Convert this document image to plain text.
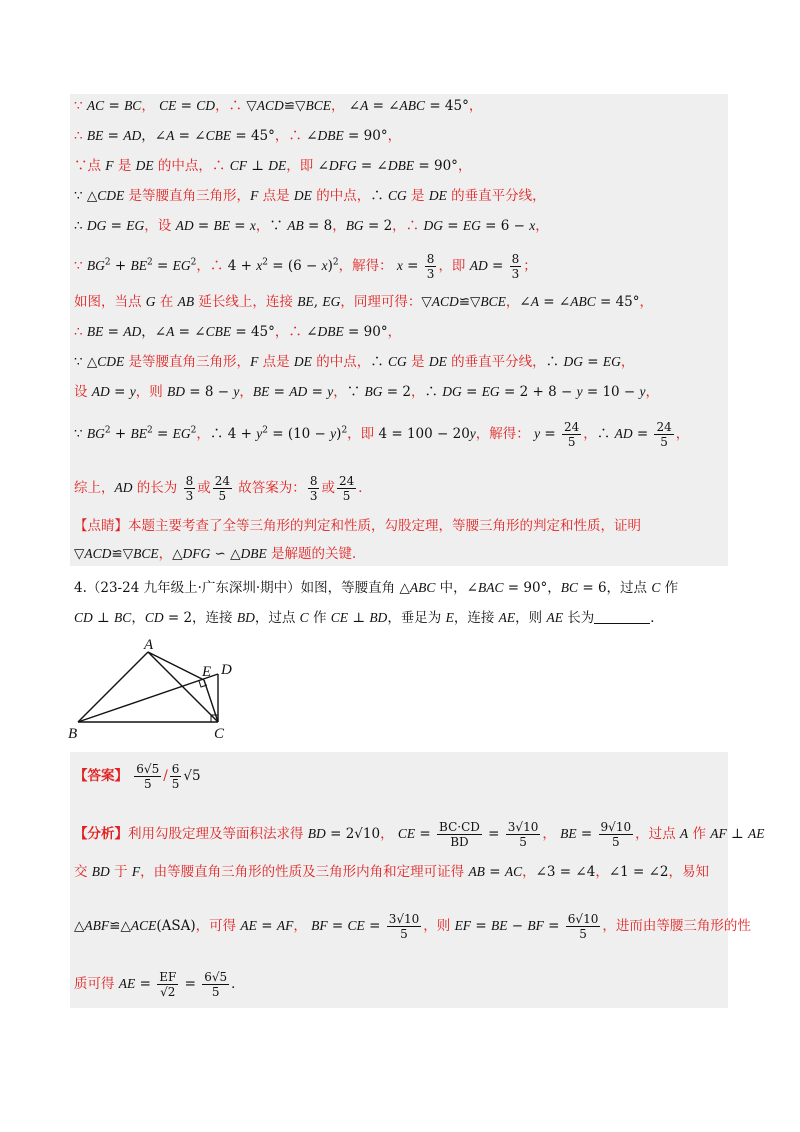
∵ AC = BC， CE = CD，∴ ▽ACD≌▽BCE， ∠A = ∠ABC = 45°，
∴ BE = AD，∠A = ∠CBE = 45°，∴ ∠DBE = 90°，
∵点 F 是 DE 的中点，∴ CF ⊥ DE，即 ∠DFG = ∠DBE = 90°，
∵ △CDE 是等腰直角三角形，F 点是 DE 的中点，∴ CG 是 DE 的垂直平分线，
∴ DG = EG，设 AD = BE = x，∵ AB = 8，BG = 2，∴ DG = EG = 6 − x，
∵ $BG^2 + BE^2 = EG^2$，∴ $4 + x^2 = (6 - x)^2$，解得： $x = \frac{8}{3}$ ，即 AD = $\frac{8}{3}$ ；
如图，当点 G 在 AB 延长线上，连接 BE, EG，同理可得：▽ACD≌▽BCE，∠A = ∠ABC = 45°，
∴ BE = AD，∠A = ∠CBE = 45°，∴ ∠DBE = 90°，
∵ △CDE 是等腰直角三角形，F 点是 DE 的中点，∴ CG 是 DE 的垂直平分线，∴ DG = EG，
设 AD = y，则 BD = 8 − y，BE = AD = y，∵ BG = 2，∴ DG = EG = 2 + 8 − y = 10 − y，
∵ $BG^2 + BE^2 = EG^2$，∴ $4 + y^2 = (10 - y)^2$，即 4 = 100 − 20y，解得： $y = \frac{24}{5}$ ，∴ AD = $\frac{24}{5}$ ，
综上，AD 的长为 $\frac{8}{3}$ 或 $\frac{24}{5}$ 故答案为： $\frac{8}{3}$ 或 $\frac{24}{5}$ ．
【点睛】本题主要考查了全等三角形的判定和性质，勾股定理，等腰三角形的判定和性质，证明
▽ACD≌▽BCE，△DFG ∽ △DBE 是解题的关键．
4.（23-24 九年级上·广东深圳·期中）如图，等腰直角 △ABC 中，∠BAC = 90°，BC = 6，过点 C 作
CD ⊥ BC，CD = 2，连接 BD，过点 C 作 CE ⊥ BD，垂足为 E，连接 AE，则 AE 长为	．
A
B	C
D
E
【答案】 $\frac{6√5}{5} / \frac{6}{5} √5$
【分析】利用勾股定理及等面积法求得 BD = 2√10， CE = $\frac{BC\cdot CD}{BD} = \frac{3√10}{5}$ ， BE = $\frac{9√10}{5}$ ，过点 A 作 AF ⊥ AE
交 BD 于 F，由等腰直角三角形的性质及三角形内角和定理可证得 AB = AC，∠3 = ∠4，∠1 = ∠2，易知
△ABF≌△ACE(ASA)，可得 AE = AF， BF = CE = $\frac{3√10}{5}$ ，则 EF = BE − BF = $\frac{6√10}{5}$ ，进而由等腰三角形的性
质可得 AE = $\frac{EF}{√2} = \frac{6√5}{5}$ ．
